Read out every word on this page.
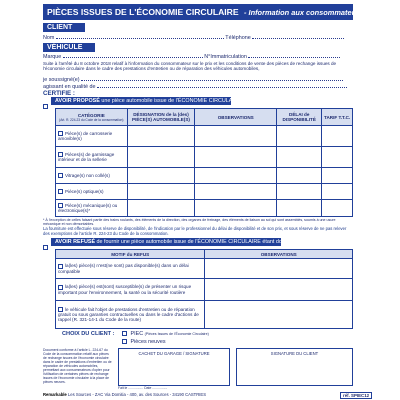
PIÈCES ISSUES DE L'ÉCONOMIE CIRCULAIRE - Information aux consommateurs
CLIENT
Nom	Téléphone
VÉHICULE
Marque	N°Immatriculation
Suite à l'arrêté du 8 octobre 2018 relatif à l'information du consommateur sur le prix et les conditions de vente des pièces de rechange issues de l'économie circulaire dans le cadre des prestations d'entretien ou de réparation des véhicules automobiles,
je soussigné(e)
agissant en qualité de
CERTIFIE :
AVOIR PROPOSÉ une pièce automobile issue de l'ÉCONOMIE CIRCULAIRE :
CATÉGORIE
(Art. R. 224-23 du Code de la consommation)	DÉSIGNATION de la (des) PIÈCE(S) AUTOMOBILE(S)	OBSERVATIONS	DÉLAI de DISPONIBILITÉ	TARIF T.T.C.
Pièce(s) de carrosserie amovible(s)				
Pièces(s) de garnissage intérieur et de la sellerie				
Vitrage(s) non collé(s)				
Pièce(s) optique(s)				
Pièce(s) mécanique(s) ou électronique(s)*				
* À l'exception de celles faisant partie des trains roulants, des éléments de la direction, des organes de freinage, des éléments de liaison au sol qui sont assemblés, soumis à une usure mécanique et non démontables.
La fourniture est effectuée sous réserve de disponibilité, de l'indication par le professionnel du délai de disponibilité et de son prix, et sous réserve de ne pas relever des exemptions de l'article R. 224-23 du Code de la consommation.
AVOIR REFUSÉ de fournir une pièce automobile issue de l'ÉCONOMIE CIRCULAIRE étant donné que :
MOTIF du REFUS	OBSERVATIONS
la(les) pièce(s) n'est(ne sont) pas disponible(s) dans un délai compatible	
la(les) pièce(s) est(sont) susceptible(s) de présenter un risque important pour l'environnement, la santé ou la sécurité routière	
le véhicule fait l'objet de prestations d'entretien ou de réparation gratuit ou sous garanties contractuelles ou dans le cadre d'actions de rappel (R. 321-14-1 du Code de la route)	
CHOIX DU CLIENT :	PIEC (Pièces Issues de l'Économie Circulaire)
Pièces neuves
Document conforme à l'article L. 224-67 du Code de la consommation relatif aux pièces de rechange issues de l'économie circulaire dans le cadre de prestations d'entretien ou de réparation de véhicules automobiles, permettant aux consommateurs d'opter pour l'utilisation de certaines pièces de rechange issues de l'économie circulaire à la place de pièces neuves.
CACHET DU GARAGE / SIGNATURE	SIGNATURE DU CLIENT
Fait le ................ Date ................
Remarkable Les Sources - ZAC Via Domitia - 400, av. des Sources - 34190 CASTRIES	réf. SPIEC12
